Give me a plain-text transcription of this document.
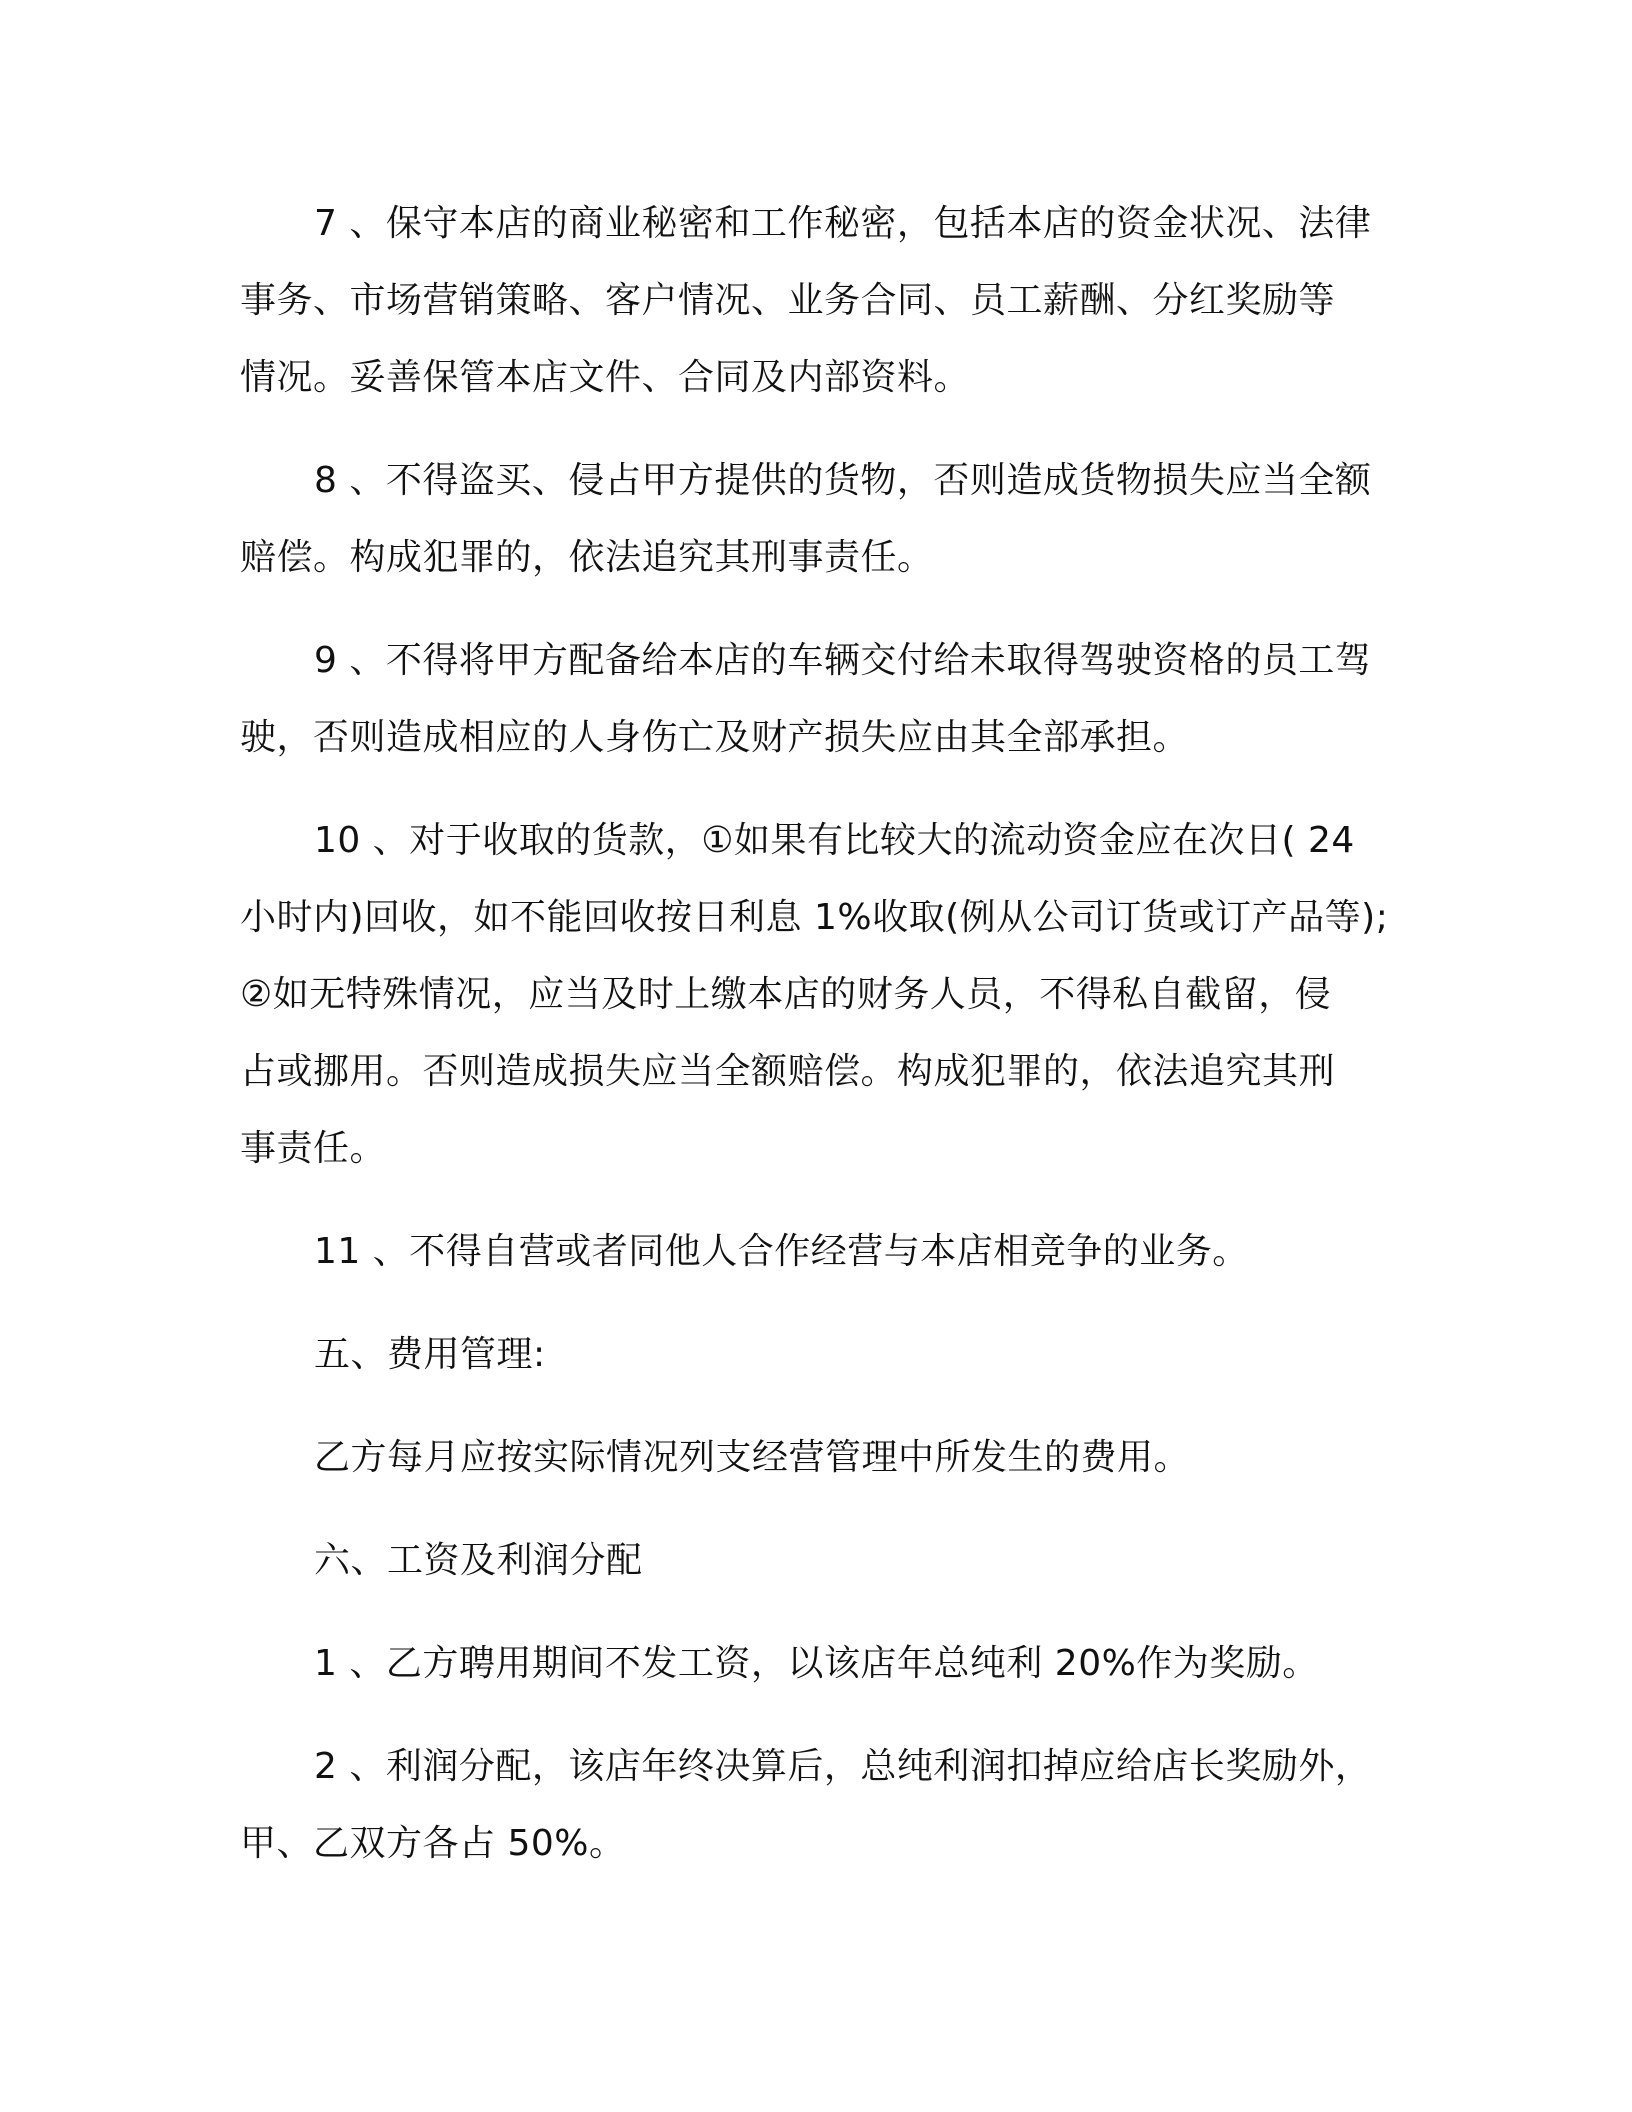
7 、保守本店的商业秘密和工作秘密，包括本店的资金状况、法律
事务、市场营销策略、客户情况、业务合同、员工薪酬、分红奖励等
情况。妥善保管本店文件、合同及内部资料。
8 、不得盗买、侵占甲方提供的货物，否则造成货物损失应当全额
赔偿。构成犯罪的，依法追究其刑事责任。
9 、不得将甲方配备给本店的车辆交付给未取得驾驶资格的员工驾
驶，否则造成相应的人身伤亡及财产损失应由其全部承担。
10 、对于收取的货款，①如果有比较大的流动资金应在次日( 24
小时内)回收，如不能回收按日利息 1%收取(例从公司订货或订产品等);
②如无特殊情况，应当及时上缴本店的财务人员，不得私自截留，侵
占或挪用。否则造成损失应当全额赔偿。构成犯罪的，依法追究其刑
事责任。
11 、不得自营或者同他人合作经营与本店相竞争的业务。
五、费用管理:
乙方每月应按实际情况列支经营管理中所发生的费用。
六、工资及利润分配
1 、乙方聘用期间不发工资，以该店年总纯利 20%作为奖励。
2 、利润分配，该店年终决算后，总纯利润扣掉应给店长奖励外，
甲、乙双方各占 50%。
